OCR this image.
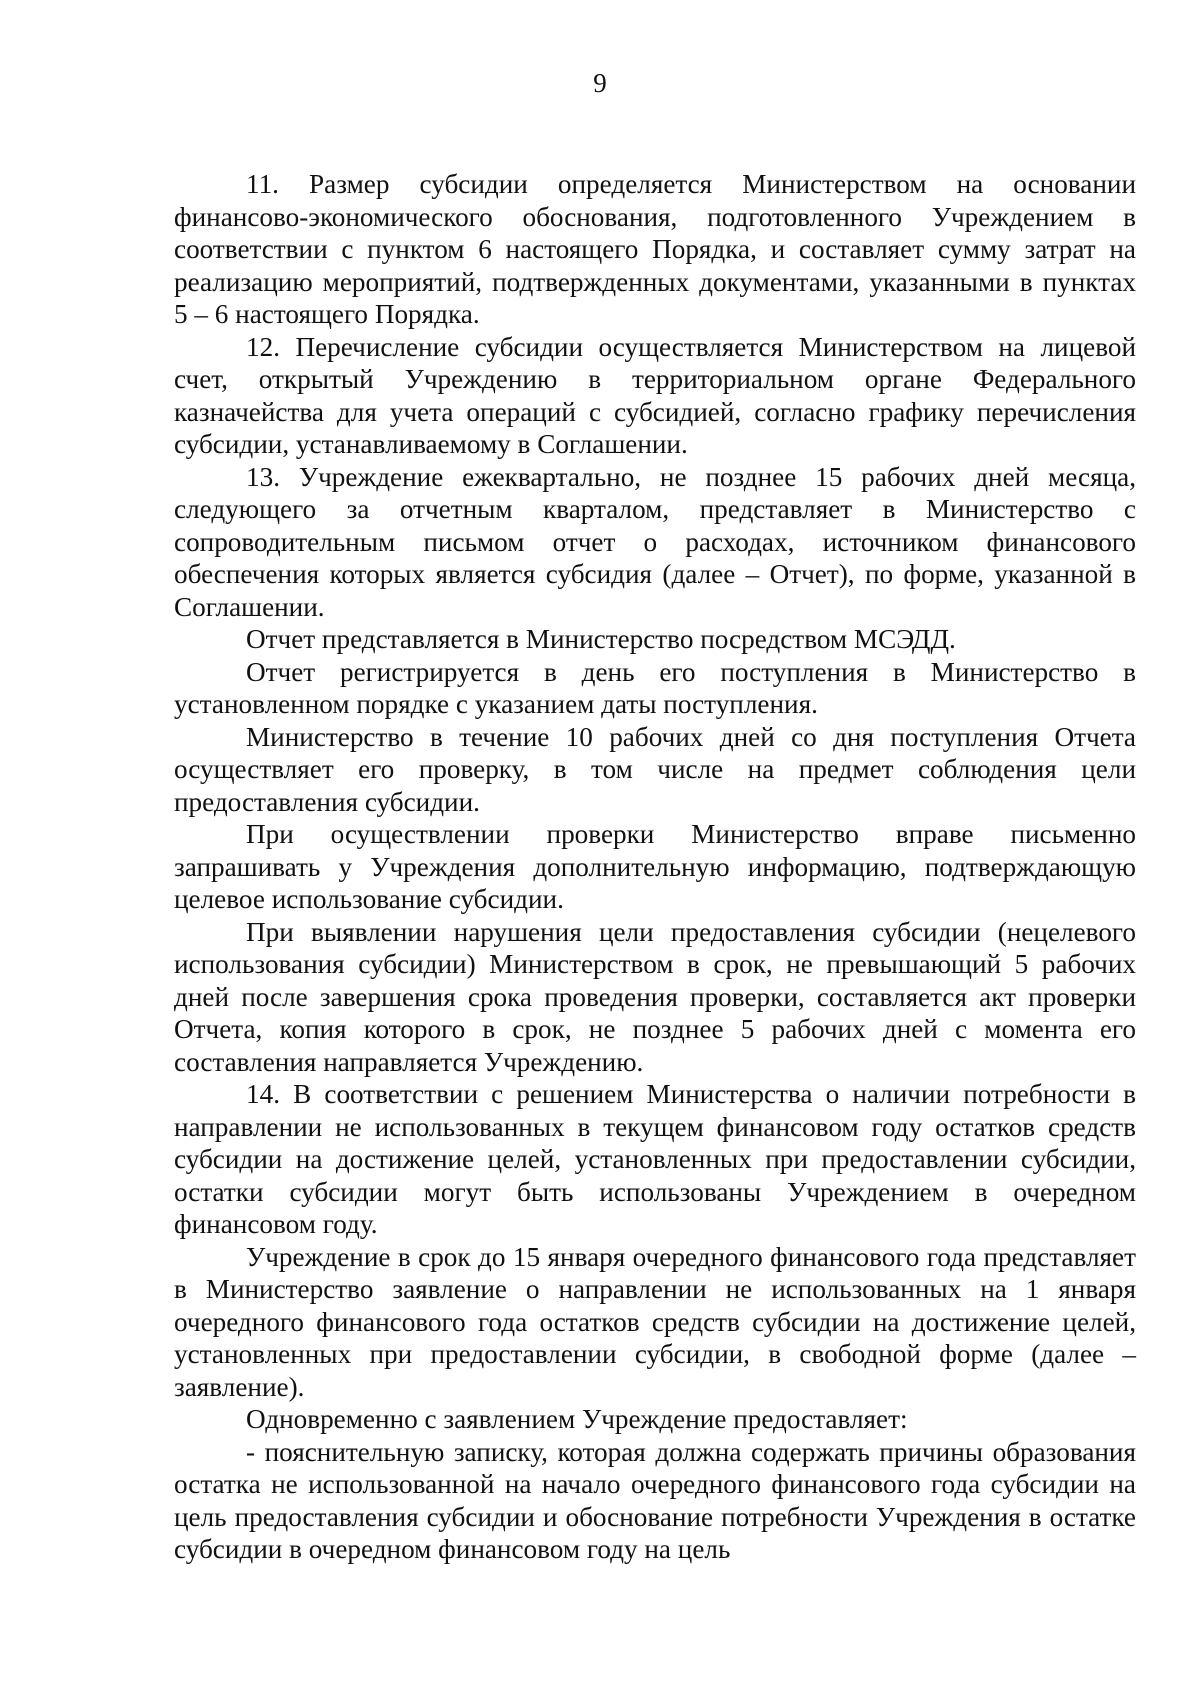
9

11. Размер субсидии определяется Министерством на основании финансово-экономического обоснования, подготовленного Учреждением в соответствии с пунктом 6 настоящего Порядка, и составляет сумму затрат на реализацию мероприятий, подтвержденных документами, указанными в пунктах 5 – 6 настоящего Порядка.

12. Перечисление субсидии осуществляется Министерством на лицевой счет, открытый Учреждению в территориальном органе Федерального казначейства для учета операций с субсидией, согласно графику перечисления субсидии, устанавливаемому в Соглашении.

13. Учреждение ежеквартально, не позднее 15 рабочих дней месяца, следующего за отчетным кварталом, представляет в Министерство с сопроводительным письмом отчет о расходах, источником финансового обеспечения которых является субсидия (далее – Отчет), по форме, указанной в Соглашении.

Отчет представляется в Министерство посредством МСЭДД.

Отчет регистрируется в день его поступления в Министерство в установленном порядке с указанием даты поступления.

Министерство в течение 10 рабочих дней со дня поступления Отчета осуществляет его проверку, в том числе на предмет соблюдения цели предоставления субсидии.

При осуществлении проверки Министерство вправе письменно запрашивать у Учреждения дополнительную информацию, подтверждающую целевое использование субсидии.

При выявлении нарушения цели предоставления субсидии (нецелевого использования субсидии) Министерством в срок, не превышающий 5 рабочих дней после завершения срока проведения проверки, составляется акт проверки Отчета, копия которого в срок, не позднее 5 рабочих дней с момента его составления направляется Учреждению.

14. В соответствии с решением Министерства о наличии потребности в направлении не использованных в текущем финансовом году остатков средств субсидии на достижение целей, установленных при предоставлении субсидии, остатки субсидии могут быть использованы Учреждением в очередном финансовом году.

Учреждение в срок до 15 января очередного финансового года представляет в Министерство заявление о направлении не использованных на 1 января очередного финансового года остатков средств субсидии на достижение целей, установленных при предоставлении субсидии, в свободной форме (далее – заявление).

Одновременно с заявлением Учреждение предоставляет:

- пояснительную записку, которая должна содержать причины образования остатка не использованной на начало очередного финансового года субсидии на цель предоставления субсидии и обоснование потребности Учреждения в остатке субсидии в очередном финансовом году на цель
